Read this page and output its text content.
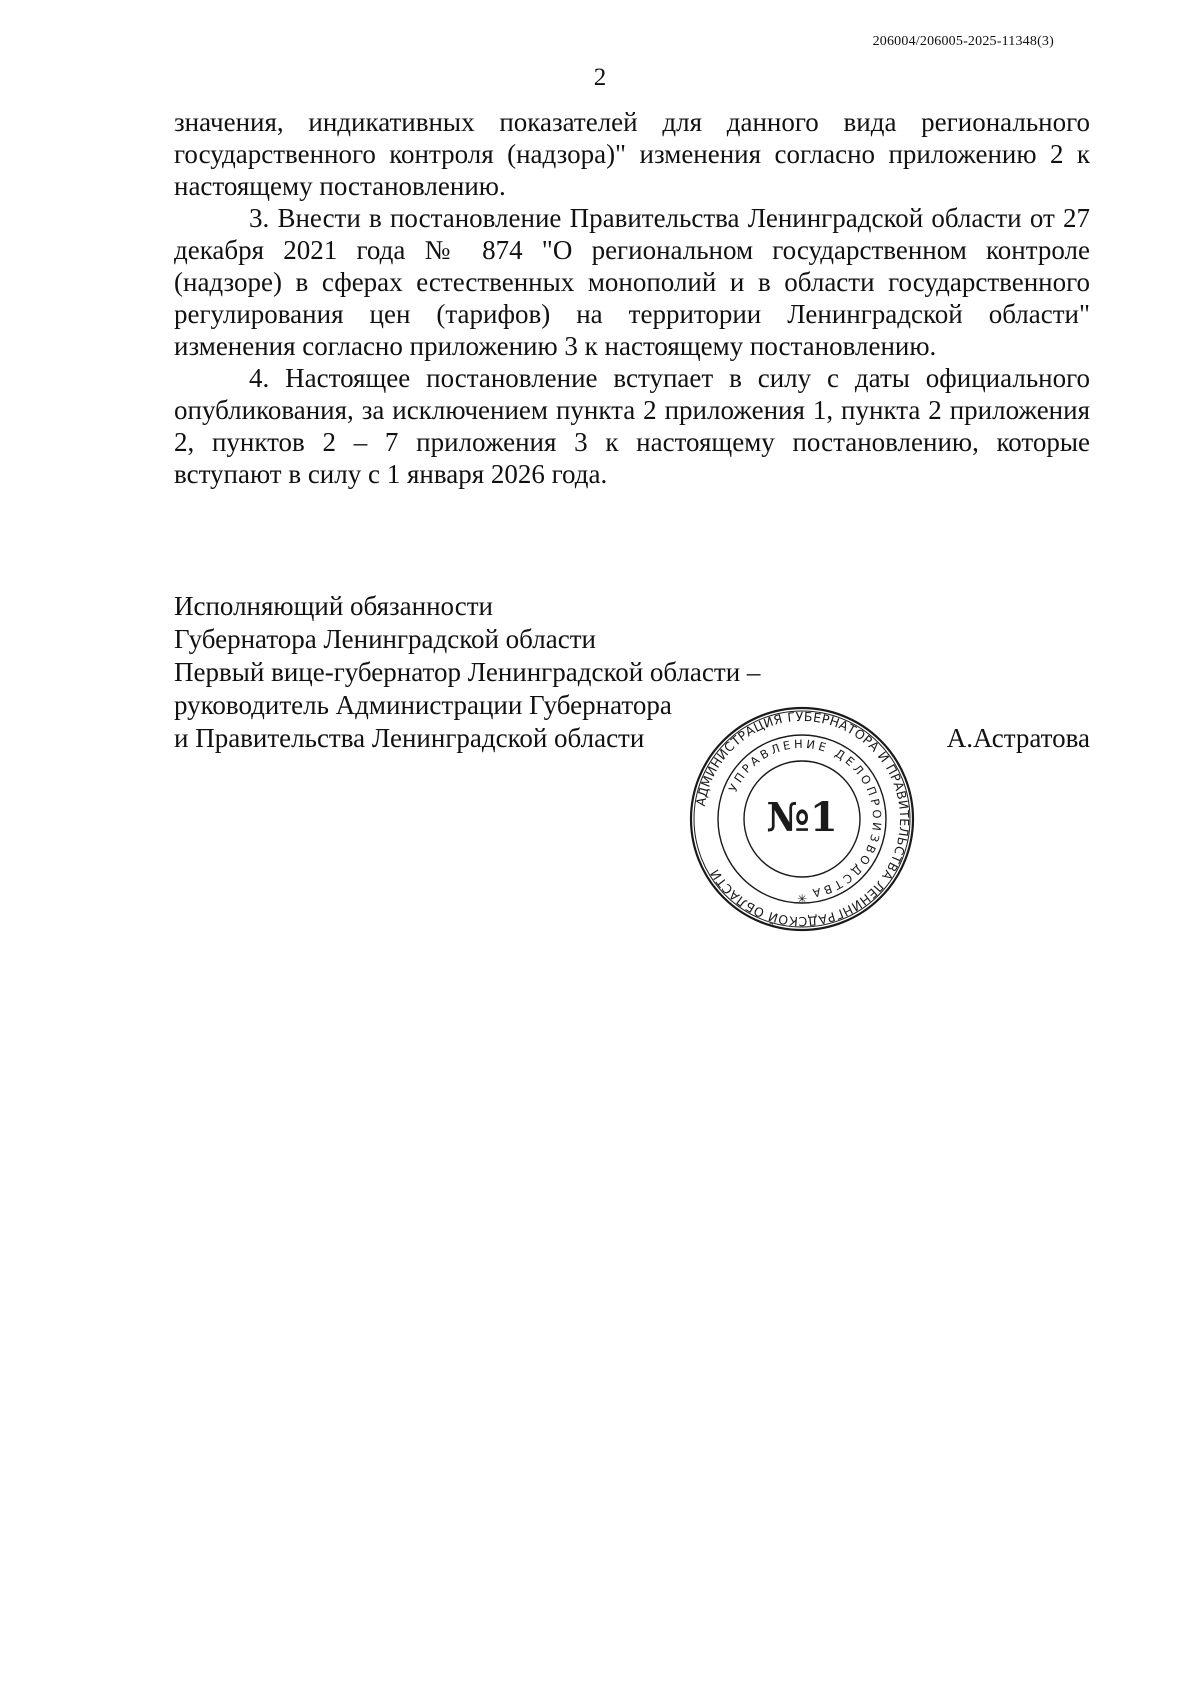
206004/206005-2025-11348(3)
2

значения, индикативных показателей для данного вида регионального государственного контроля (надзора)" изменения согласно приложению 2 к настоящему постановлению.

3. Внести в постановление Правительства Ленинградской области от 27 декабря 2021 года № 874 "О региональном государственном контроле (надзоре) в сферах естественных монополий и в области государственного регулирования цен (тарифов) на территории Ленинградской области" изменения согласно приложению 3 к настоящему постановлению.

4. Настоящее постановление вступает в силу с даты официального опубликования, за исключением пункта 2 приложения 1, пункта 2 приложения 2, пунктов 2 – 7 приложения 3 к настоящему постановлению, которые вступают в силу с 1 января 2026 года.

Исполняющий обязанности
Губернатора Ленинградской области
Первый вице-губернатор Ленинградской области –
руководитель Администрации Губернатора
и Правительства Ленинградской области	А.Астратова
АДМИНИСТРАЦИЯ ГУБЕРНАТОРА И ПРАВИТЕЛЬСТВА ЛЕНИНГРАДСКОЙ ОБЛАСТИ
УПРАВЛЕНИЕ ДЕЛОПРОИЗВОДСТВА
№1
✳
